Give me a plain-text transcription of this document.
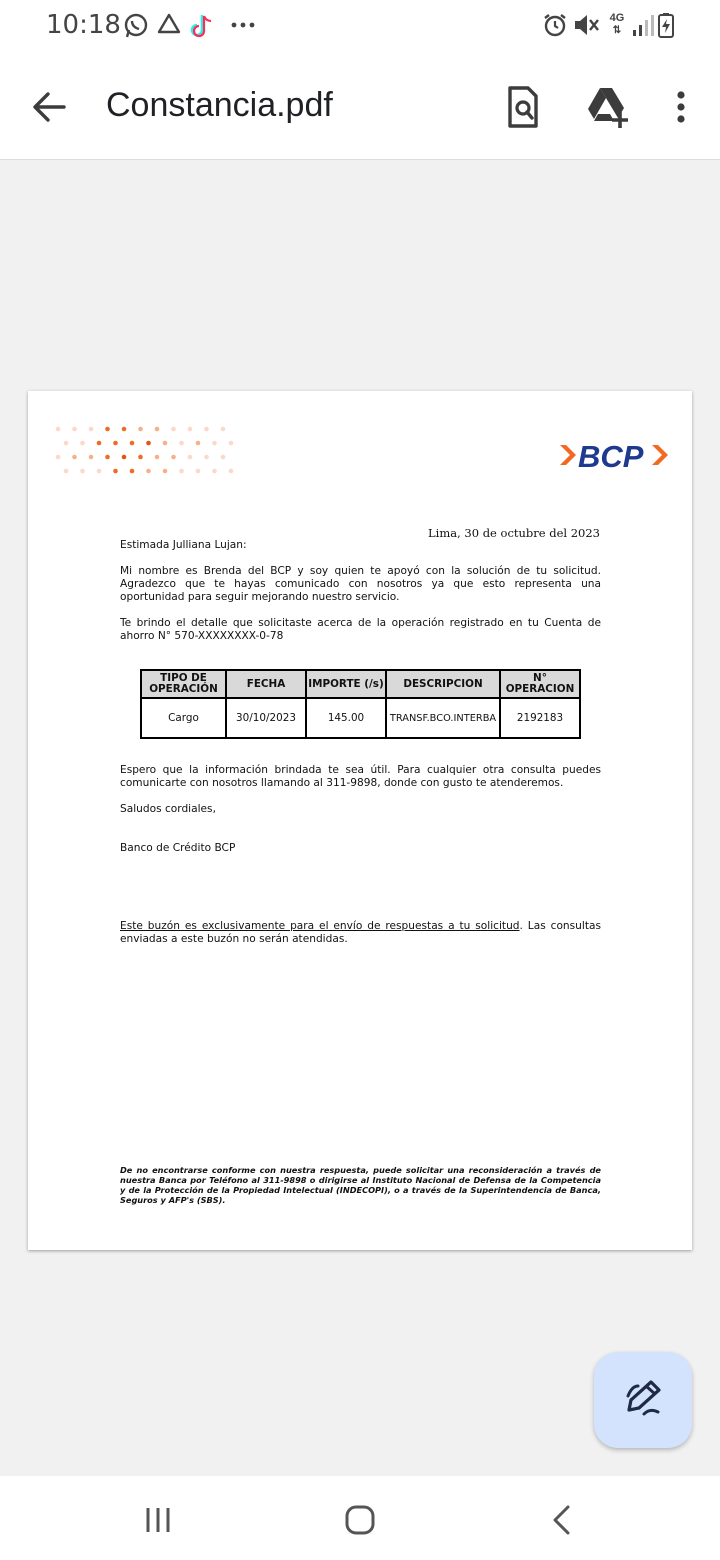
10:18	4G
⇅
Constancia.pdf
BCP
Lima, 30 de octubre del 2023
Estimada Julliana Lujan:
Mi nombre es Brenda del BCP y soy quien te apoyó con la solución de tu solicitud. Agradezco que te hayas comunicado con nosotros ya que esto representa una oportunidad para seguir mejorando nuestro servicio.
Te brindo el detalle que solicitaste acerca de la operación registrado en tu Cuenta de ahorro N° 570-XXXXXXXX-0-78
TIPO DE OPERACIÓN	FECHA	IMPORTE (/s)	DESCRIPCION	N° OPERACION
Cargo	30/10/2023	145.00	TRANSF.BCO.INTERBA	2192183
Espero que la información brindada te sea útil. Para cualquier otra consulta puedes comunicarte con nosotros llamando al 311-9898, donde con gusto te atenderemos.
Saludos cordiales,
Banco de Crédito BCP
Este buzón es exclusivamente para el envío de respuestas a tu solicitud. Las consultas enviadas a este buzón no serán atendidas.
De no encontrarse conforme con nuestra respuesta, puede solicitar una reconsideración a través de nuestra Banca por Teléfono al 311-9898 o dirigirse al Instituto Nacional de Defensa de la Competencia y de la Protección de la Propiedad Intelectual (INDECOPI), o a través de la Superintendencia de Banca, Seguros y AFP's (SBS).
